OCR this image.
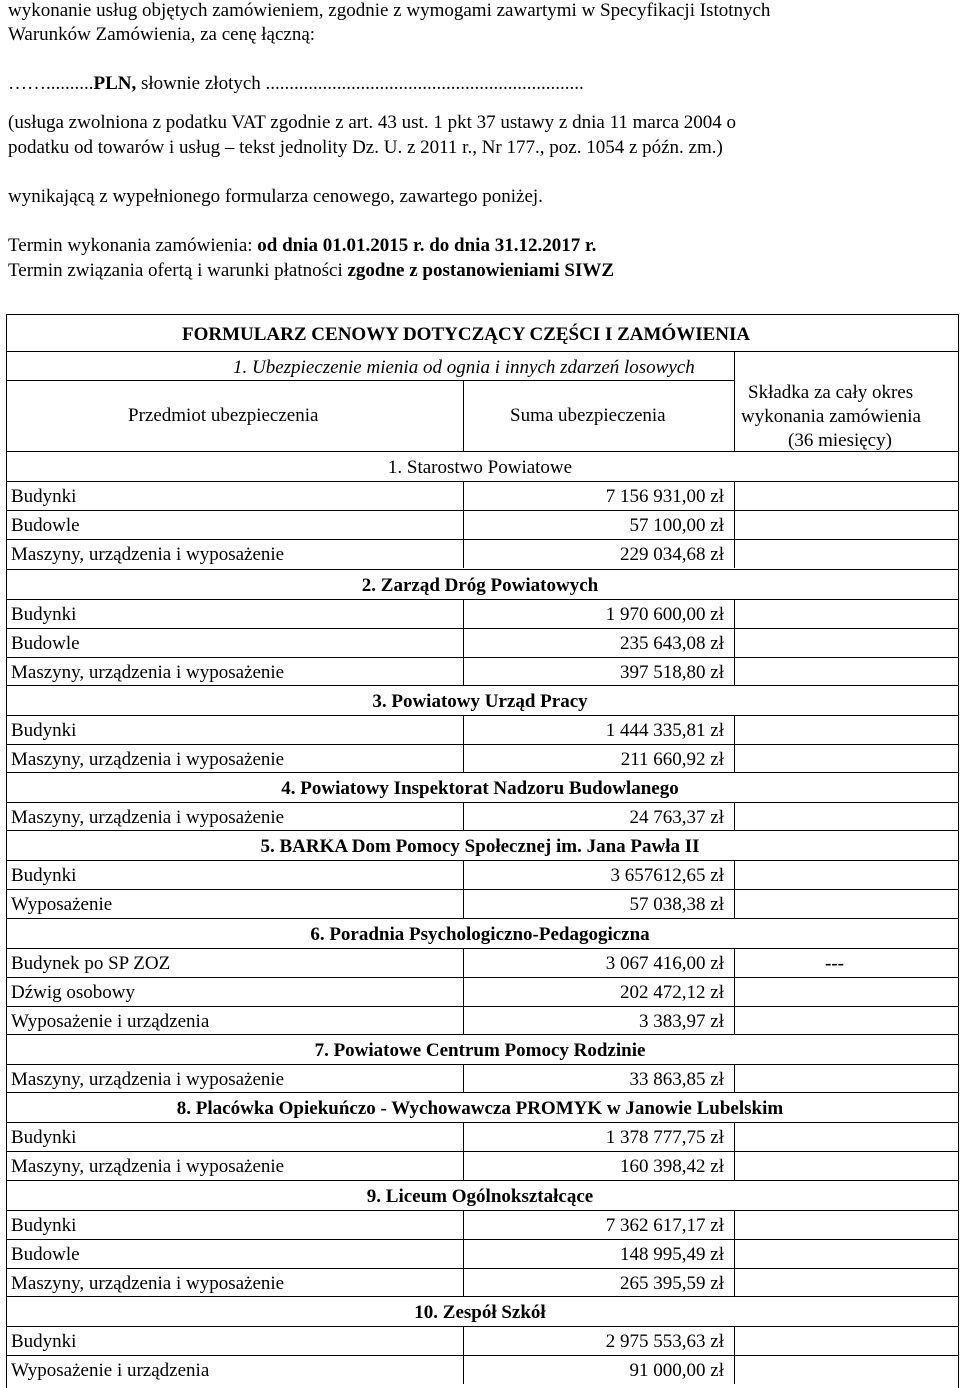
wykonanie usług objętych zamówieniem, zgodnie z wymogami zawartymi w Specyfikacji Istotnych

Warunków Zamówienia, za cenę łączną:

……..........PLN, słownie złotych ...................................................................

(usługa zwolniona z podatku VAT zgodnie z art. 43 ust. 1 pkt 37 ustawy z dnia 11 marca 2004 o

podatku od towarów i usług – tekst jednolity Dz. U. z 2011 r., Nr 177., poz. 1054 z późn. zm.)

wynikającą z wypełnionego formularza cenowego, zawartego poniżej.

Termin wykonania zamówienia: od dnia 01.01.2015 r. do dnia 31.12.2017 r.

Termin związania ofertą i warunki płatności zgodne z postanowieniami SIWZ

FORMULARZ CENOWY DOTYCZĄCY CZĘŚCI I ZAMÓWIENIA
1. Ubezpieczenie mienia od ognia i innych zdarzeń losowych
Przedmiot ubezpieczenia	Suma ubezpieczenia
Składka za cały okres
wykonania zamówienia
(36 miesięcy)
1. Starostwo Powiatowe
Budynki	7 156 931,00 zł
Budowle	57 100,00 zł
Maszyny, urządzenia i wyposażenie	229 034,68 zł
2. Zarząd Dróg Powiatowych
Budynki	1 970 600,00 zł
Budowle	235 643,08 zł
Maszyny, urządzenia i wyposażenie	397 518,80 zł
3. Powiatowy Urząd Pracy
Budynki	1 444 335,81 zł
Maszyny, urządzenia i wyposażenie	211 660,92 zł
4. Powiatowy Inspektorat Nadzoru Budowlanego
Maszyny, urządzenia i wyposażenie	24 763,37 zł
5. BARKA Dom Pomocy Społecznej im. Jana Pawła II
Budynki	3 657612,65 zł
Wyposażenie	57 038,38 zł
6. Poradnia Psychologiczno-Pedagogiczna
Budynek po SP ZOZ	3 067 416,00 zł	---
Dźwig osobowy	202 472,12 zł
Wyposażenie i urządzenia	3 383,97 zł
7. Powiatowe Centrum Pomocy Rodzinie
Maszyny, urządzenia i wyposażenie	33 863,85 zł
8. Placówka Opiekuńczo - Wychowawcza PROMYK w Janowie Lubelskim
Budynki	1 378 777,75 zł
Maszyny, urządzenia i wyposażenie	160 398,42 zł
9. Liceum Ogólnokształcące
Budynki	7 362 617,17 zł
Budowle	148 995,49 zł
Maszyny, urządzenia i wyposażenie	265 395,59 zł
10. Zespół Szkół
Budynki	2 975 553,63 zł
Wyposażenie i urządzenia	91 000,00 zł
